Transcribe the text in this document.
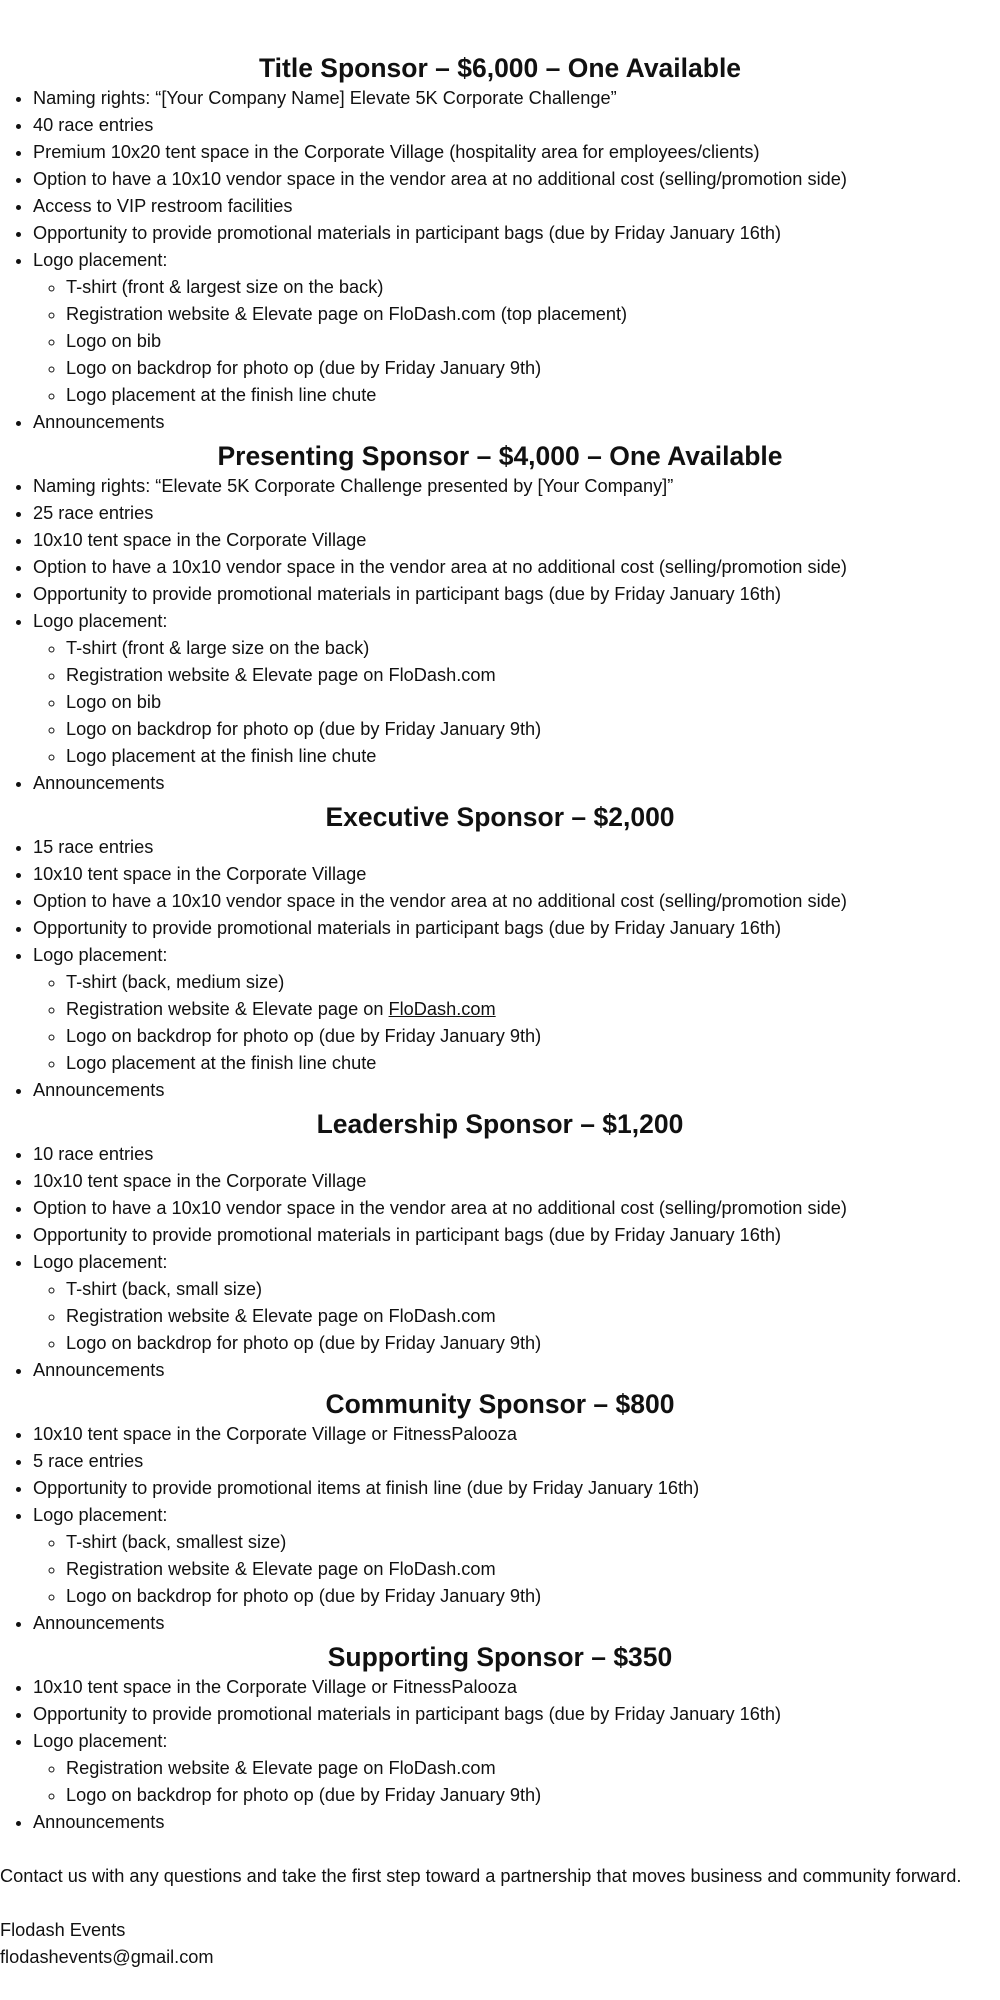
Title Sponsor – $6,000 – One Available
• Naming rights: “[Your Company Name] Elevate 5K Corporate Challenge”
• 40 race entries
• Premium 10x20 tent space in the Corporate Village (hospitality area for employees/clients)
• Option to have a 10x10 vendor space in the vendor area at no additional cost (selling/promotion side)
• Access to VIP restroom facilities
• Opportunity to provide promotional materials in participant bags (due by Friday January 16th)
• Logo placement:
◦ T-shirt (front & largest size on the back)
◦ Registration website & Elevate page on FloDash.com (top placement)
◦ Logo on bib
◦ Logo on backdrop for photo op (due by Friday January 9th)
◦ Logo placement at the finish line chute
• Announcements
Presenting Sponsor – $4,000 – One Available
• Naming rights: “Elevate 5K Corporate Challenge presented by [Your Company]”
• 25 race entries
• 10x10 tent space in the Corporate Village
• Option to have a 10x10 vendor space in the vendor area at no additional cost (selling/promotion side)
• Opportunity to provide promotional materials in participant bags (due by Friday January 16th)
• Logo placement:
◦ T-shirt (front & large size on the back)
◦ Registration website & Elevate page on FloDash.com
◦ Logo on bib
◦ Logo on backdrop for photo op (due by Friday January 9th)
◦ Logo placement at the finish line chute
• Announcements
Executive Sponsor – $2,000
• 15 race entries
• 10x10 tent space in the Corporate Village
• Option to have a 10x10 vendor space in the vendor area at no additional cost (selling/promotion side)
• Opportunity to provide promotional materials in participant bags (due by Friday January 16th)
• Logo placement:
◦ T-shirt (back, medium size)
◦ Registration website & Elevate page on FloDash.com
◦ Logo on backdrop for photo op (due by Friday January 9th)
◦ Logo placement at the finish line chute
• Announcements
Leadership Sponsor – $1,200
• 10 race entries
• 10x10 tent space in the Corporate Village
• Option to have a 10x10 vendor space in the vendor area at no additional cost (selling/promotion side)
• Opportunity to provide promotional materials in participant bags (due by Friday January 16th)
• Logo placement:
◦ T-shirt (back, small size)
◦ Registration website & Elevate page on FloDash.com
◦ Logo on backdrop for photo op (due by Friday January 9th)
• Announcements
Community Sponsor – $800
• 10x10 tent space in the Corporate Village or FitnessPalooza
• 5 race entries
• Opportunity to provide promotional items at finish line (due by Friday January 16th)
• Logo placement:
◦ T-shirt (back, smallest size)
◦ Registration website & Elevate page on FloDash.com
◦ Logo on backdrop for photo op (due by Friday January 9th)
• Announcements
Supporting Sponsor – $350
• 10x10 tent space in the Corporate Village or FitnessPalooza
• Opportunity to provide promotional materials in participant bags (due by Friday January 16th)
• Logo placement:
◦ Registration website & Elevate page on FloDash.com
◦ Logo on backdrop for photo op (due by Friday January 9th)
• Announcements

Contact us with any questions and take the first step toward a partnership that moves business and community forward.

Flodash Events

flodashevents@gmail.com
